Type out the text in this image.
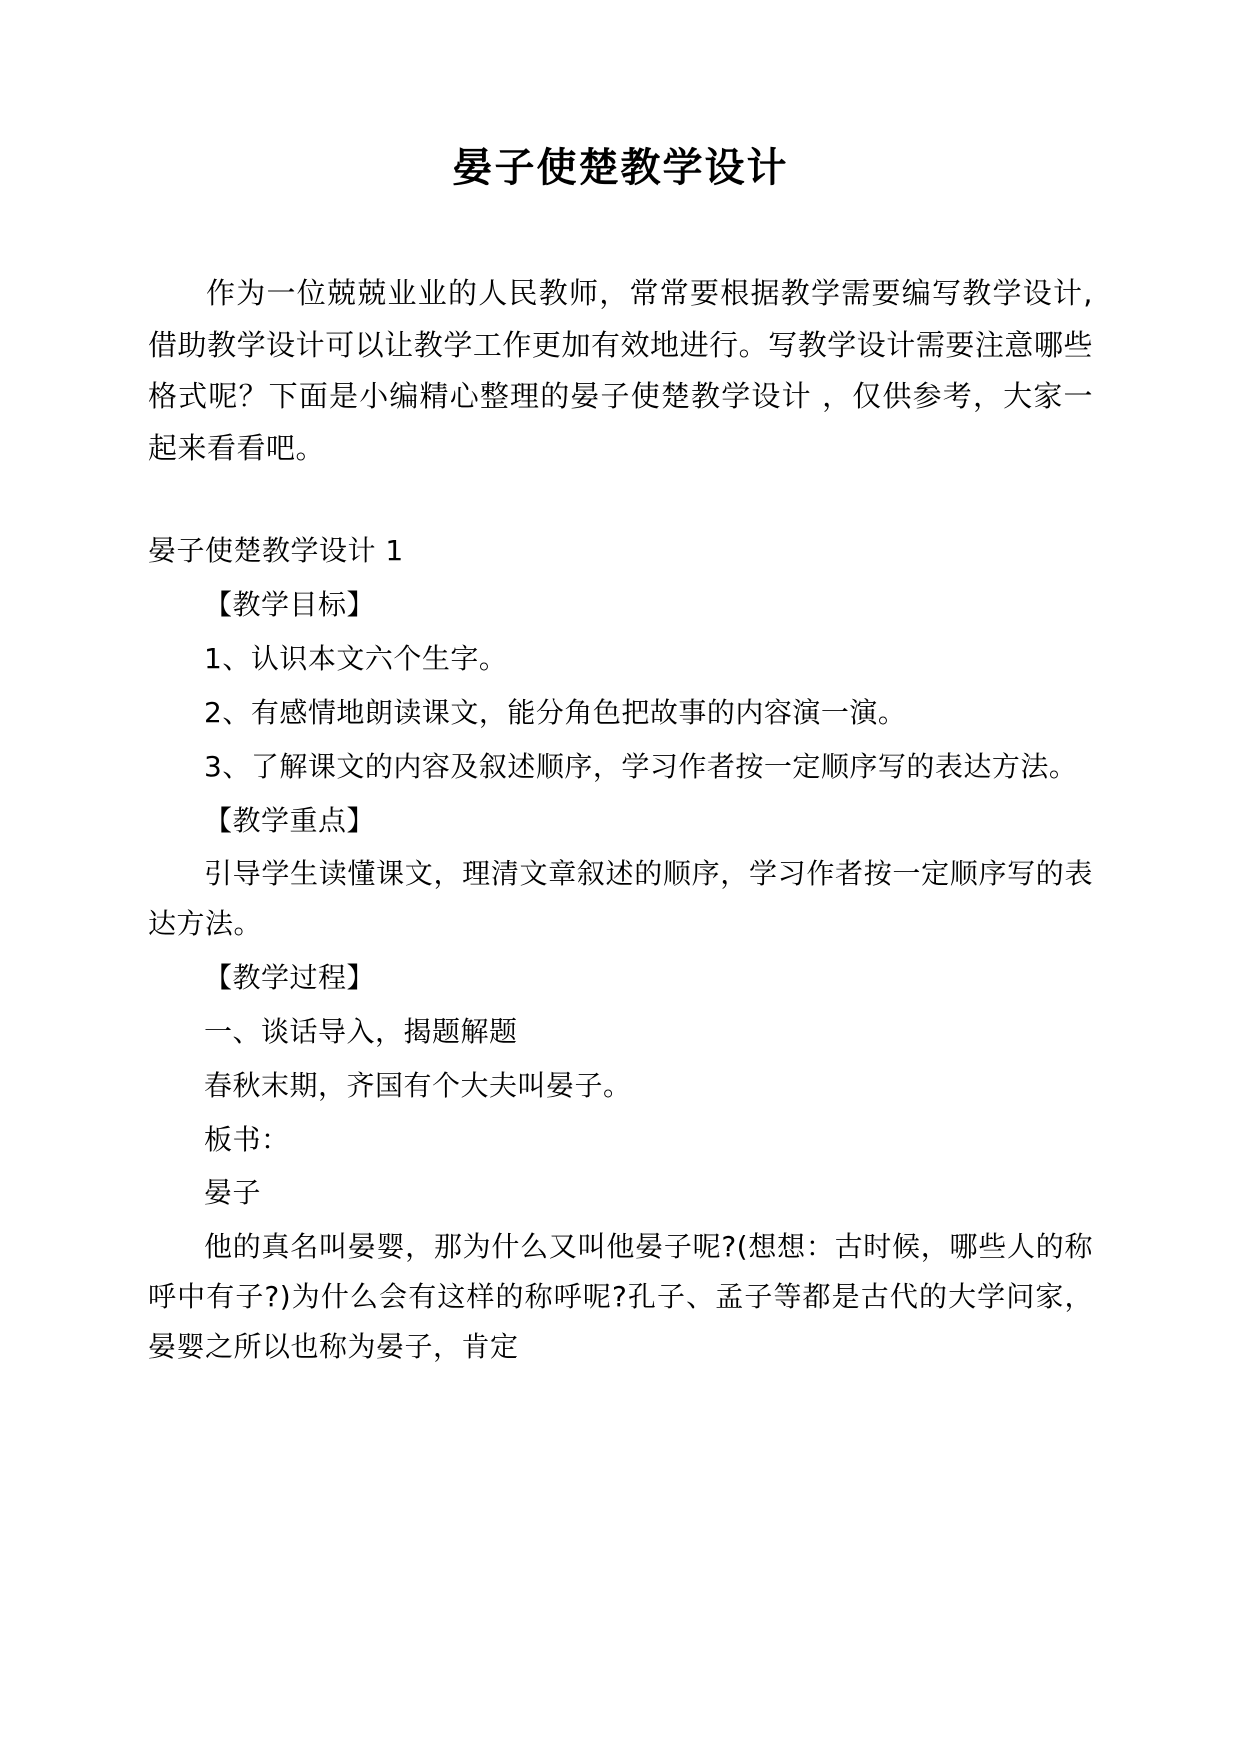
晏子使楚教学设计

作为一位兢兢业业的人民教师，常常要根据教学需要编写教学设计,借助教学设计可以让教学工作更加有效地进行。写教学设计需要注意哪些格式呢？下面是小编精心整理的晏子使楚教学设计 ，仅供参考，大家一起来看看吧。

晏子使楚教学设计 1

【教学目标】

1、认识本文六个生字。

2、有感情地朗读课文，能分角色把故事的内容演一演。

3、了解课文的内容及叙述顺序，学习作者按一定顺序写的表达方法。

【教学重点】

引导学生读懂课文，理清文章叙述的顺序，学习作者按一定顺序写的表达方法。

【教学过程】

一、谈话导入，揭题解题

春秋末期，齐国有个大夫叫晏子。

板书：

晏子

他的真名叫晏婴，那为什么又叫他晏子呢?(想想：古时候，哪些人的称呼中有子?)为什么会有这样的称呼呢?孔子、孟子等都是古代的大学问家，晏婴之所以也称为晏子，肯定
